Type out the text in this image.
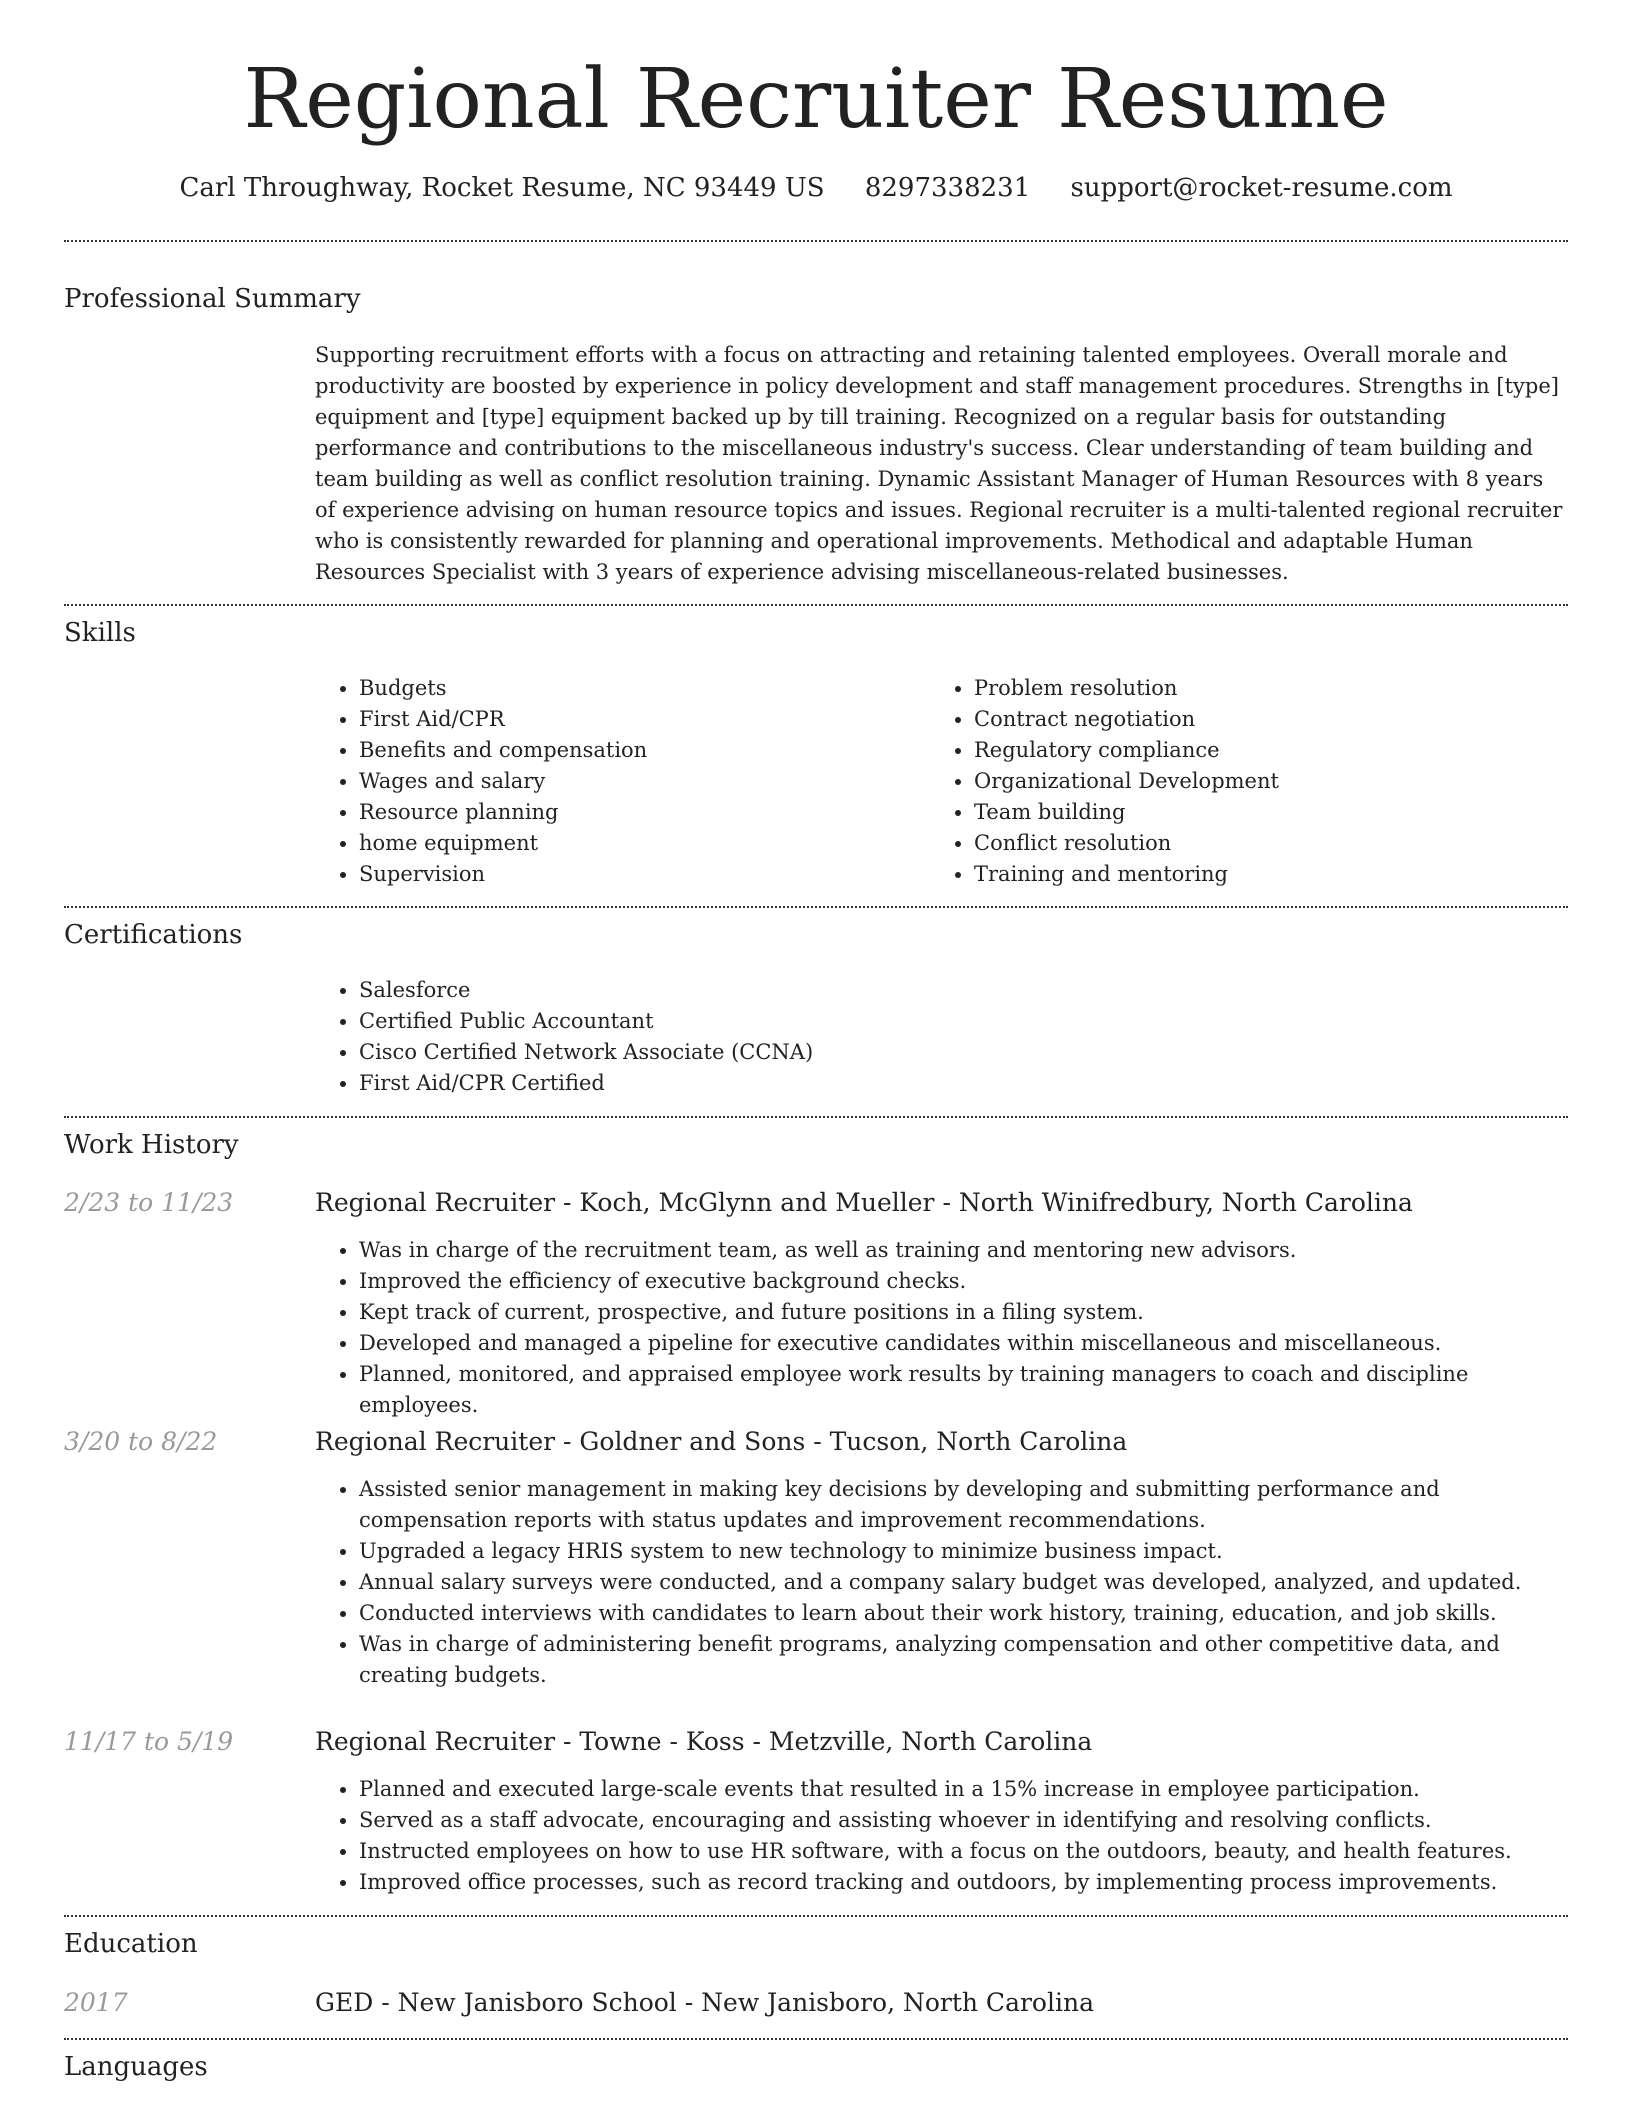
Regional Recruiter Resume
Carl Throughway, Rocket Resume, NC 93449 US 8297338231 support@rocket-resume.com
Professional Summary

Supporting recruitment efforts with a focus on attracting and retaining talented employees. Overall morale and productivity are boosted by experience in policy development and staff management procedures. Strengths in [type] equipment and [type] equipment backed up by till training. Recognized on a regular basis for outstanding performance and contributions to the miscellaneous industry's success. Clear understanding of team building and team building as well as conflict resolution training. Dynamic Assistant Manager of Human Resources with 8 years of experience advising on human resource topics and issues. Regional recruiter is a multi-talented regional recruiter who is consistently rewarded for planning and operational improvements. Methodical and adaptable Human Resources Specialist with 3 years of experience advising miscellaneous-related businesses.

Skills
• Budgets
• First Aid/CPR
• Benefits and compensation
• Wages and salary
• Resource planning
• home equipment
• Supervision
• Problem resolution
• Contract negotiation
• Regulatory compliance
• Organizational Development
• Team building
• Conflict resolution
• Training and mentoring
Certifications
• Salesforce
• Certified Public Accountant
• Cisco Certified Network Associate (CCNA)
• First Aid/CPR Certified
Work History
2/23 to 11/23	Regional Recruiter - Koch, McGlynn and Mueller - North Winifredbury, North Carolina
• Was in charge of the recruitment team, as well as training and mentoring new advisors.
• Improved the efficiency of executive background checks.
• Kept track of current, prospective, and future positions in a filing system.
• Developed and managed a pipeline for executive candidates within miscellaneous and miscellaneous.
• Planned, monitored, and appraised employee work results by training managers to coach and discipline employees.
3/20 to 8/22	Regional Recruiter - Goldner and Sons - Tucson, North Carolina
• Assisted senior management in making key decisions by developing and submitting performance and compensation reports with status updates and improvement recommendations.
• Upgraded a legacy HRIS system to new technology to minimize business impact.
• Annual salary surveys were conducted, and a company salary budget was developed, analyzed, and updated.
• Conducted interviews with candidates to learn about their work history, training, education, and job skills.
• Was in charge of administering benefit programs, analyzing compensation and other competitive data, and creating budgets.
11/17 to 5/19	Regional Recruiter - Towne - Koss - Metzville, North Carolina
• Planned and executed large-scale events that resulted in a 15% increase in employee participation.
• Served as a staff advocate, encouraging and assisting whoever in identifying and resolving conflicts.
• Instructed employees on how to use HR software, with a focus on the outdoors, beauty, and health features.
• Improved office processes, such as record tracking and outdoors, by implementing process improvements.
Education
2017	GED - New Janisboro School - New Janisboro, North Carolina
Languages
